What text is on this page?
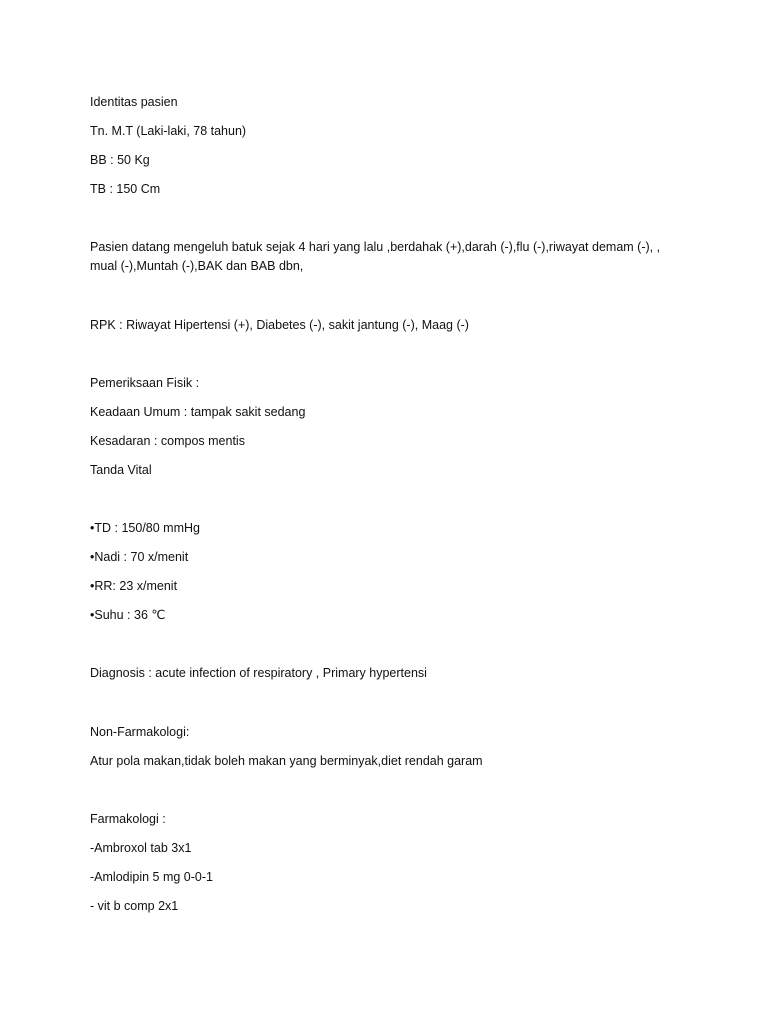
Identitas pasien
Tn. M.T (Laki-laki, 78 tahun)
BB : 50 Kg
TB : 150 Cm
Pasien datang mengeluh batuk sejak 4 hari yang lalu ,berdahak (+),darah (-),flu (-),riwayat demam (-), , mual (-),Muntah (-),BAK dan BAB dbn,
RPK : Riwayat Hipertensi (+), Diabetes (-), sakit jantung (-), Maag (-)
Pemeriksaan Fisik :
Keadaan Umum : tampak sakit sedang
Kesadaran : compos mentis
Tanda Vital
•TD : 150/80 mmHg
•Nadi : 70 x/menit
•RR: 23 x/menit
•Suhu : 36 ℃
Diagnosis : acute infection of respiratory , Primary hypertensi
Non-Farmakologi:
Atur pola makan,tidak boleh makan yang berminyak,diet rendah garam
Farmakologi :
-Ambroxol tab 3x1
-Amlodipin 5 mg 0-0-1
- vit b comp 2x1
